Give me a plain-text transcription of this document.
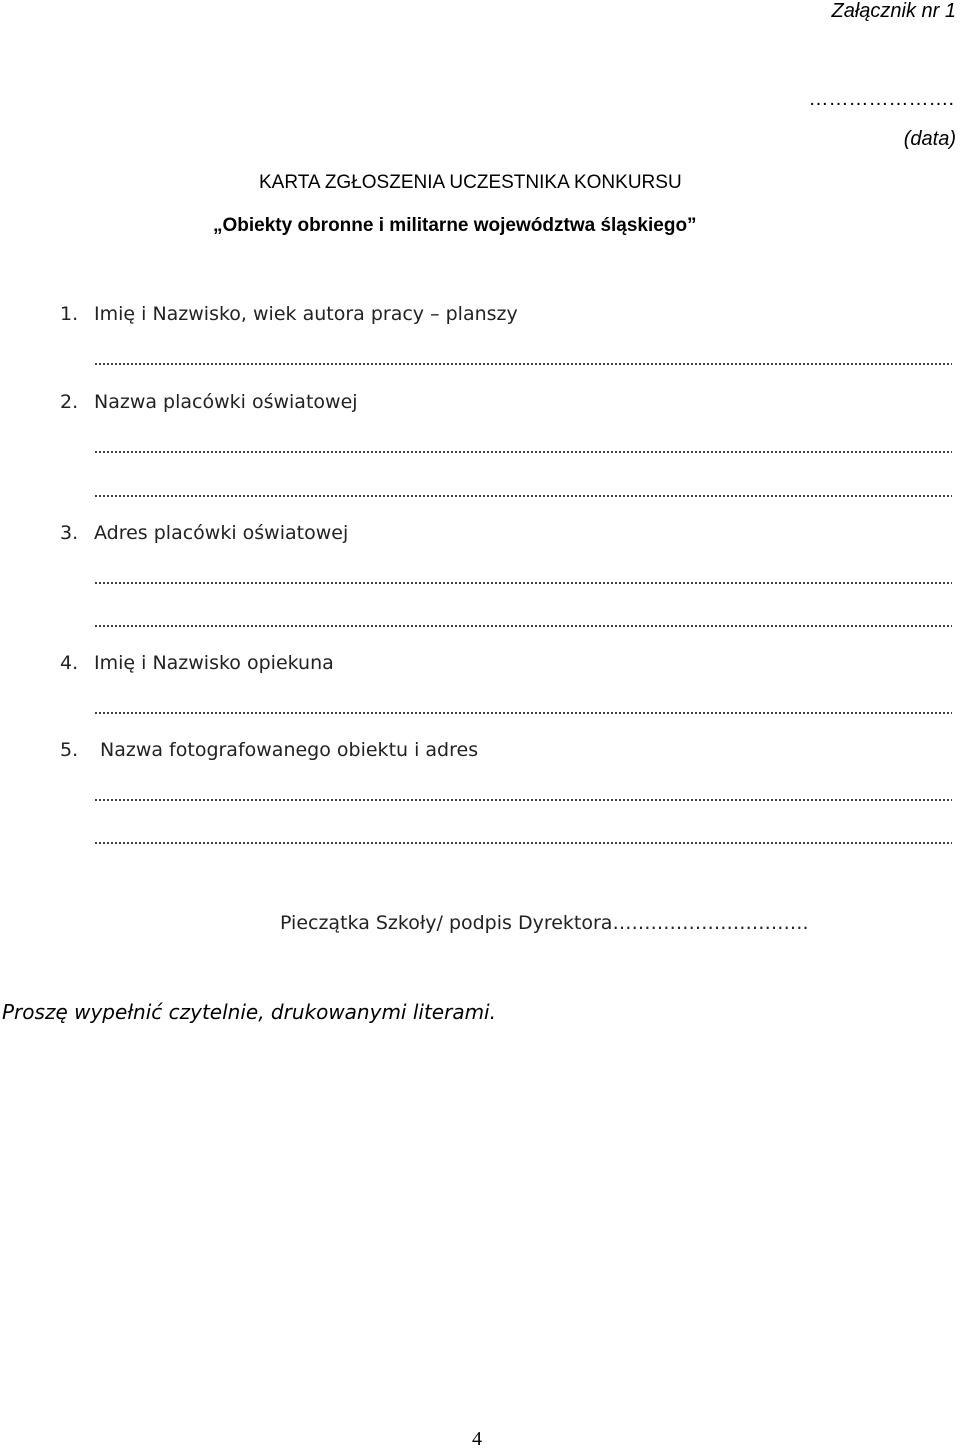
Załącznik nr 1
………………….
(data)
KARTA ZGŁOSZENIA UCZESTNIKA KONKURSU
„Obiekty obronne i militarne województwa śląskiego”
1. Imię i Nazwisko, wiek autora pracy – planszy
2. Nazwa placówki oświatowej
3. Adres placówki oświatowej
4. Imię i Nazwisko opiekuna
5. Nazwa fotografowanego obiektu i adres
Pieczątka Szkoły/ podpis Dyrektora………………………….
Proszę wypełnić czytelnie, drukowanymi literami.
4
